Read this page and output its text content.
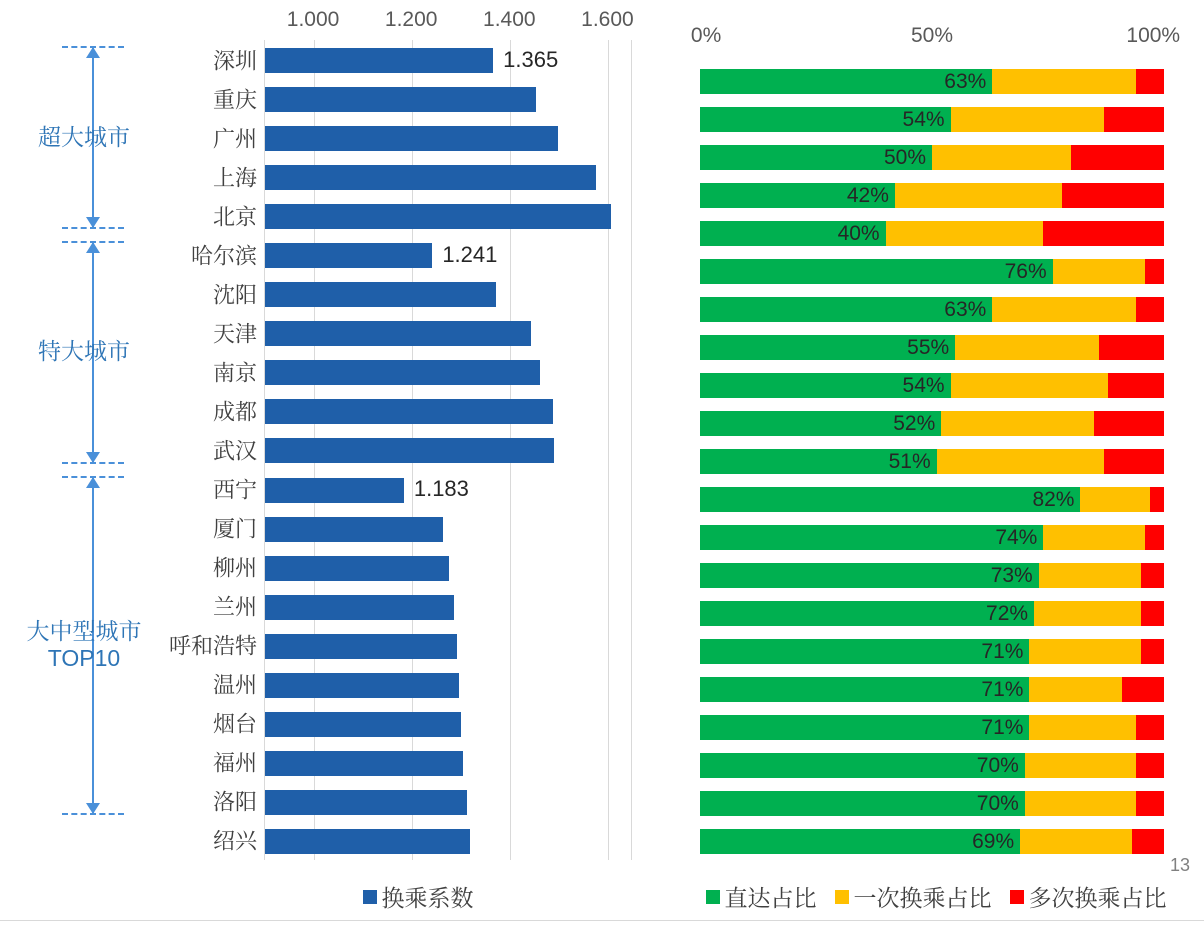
超大城市
特大城市
大中型城市
TOP10
1.000 1.200 1.400 1.600
深圳	1.365
重庆
广州
上海
北京
哈尔滨	1.241
沈阳
天津
南京
成都
武汉
西宁	1.183
厦门
柳州
兰州
呼和浩特
温州
烟台
福州
洛阳
绍兴
0%	50%	100%
63%
54%
50%
42%
40%
76%
63%
55%
54%
52%
51%
82%
74%
73%
72%
71%
71%
71%
70%
70%
69%
换乘系数	直达占比 一次换乘占比 多次换乘占比
13
